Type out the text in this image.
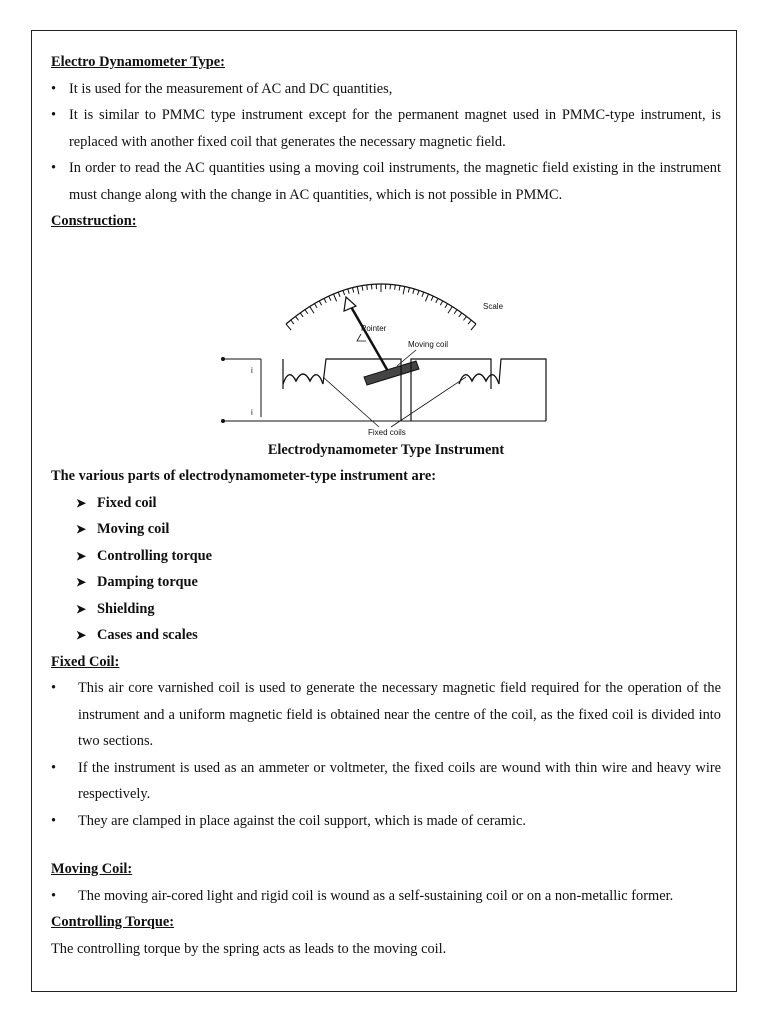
Electro Dynamometer Type:
• It is used for the measurement of AC and DC quantities,
• It is similar to PMMC type instrument except for the permanent magnet used in PMMC-type instrument, is replaced with another fixed coil that generates the necessary magnetic field.
• In order to read the AC quantities using a moving coil instruments, the magnetic field existing in the instrument must change along with the change in AC quantities, which is not possible in PMMC.
Construction:
Scale
Pointer
Moving coil
i
i
Fixed coils
Electrodynamometer Type Instrument
The various parts of electrodynamometer-type instrument are:
➤ Fixed coil
➤ Moving coil
➤ Controlling torque
➤ Damping torque
➤ Shielding
➤ Cases and scales
Fixed Coil:
• This air core varnished coil is used to generate the necessary magnetic field required for the operation of the instrument and a uniform magnetic field is obtained near the centre of the coil, as the fixed coil is divided into two sections.
• If the instrument is used as an ammeter or voltmeter, the fixed coils are wound with thin wire and heavy wire respectively.
• They are clamped in place against the coil support, which is made of ceramic.
Moving Coil:
• The moving air-cored light and rigid coil is wound as a self-sustaining coil or on a non-metallic former.
Controlling Torque:
The controlling torque by the spring acts as leads to the moving coil.
